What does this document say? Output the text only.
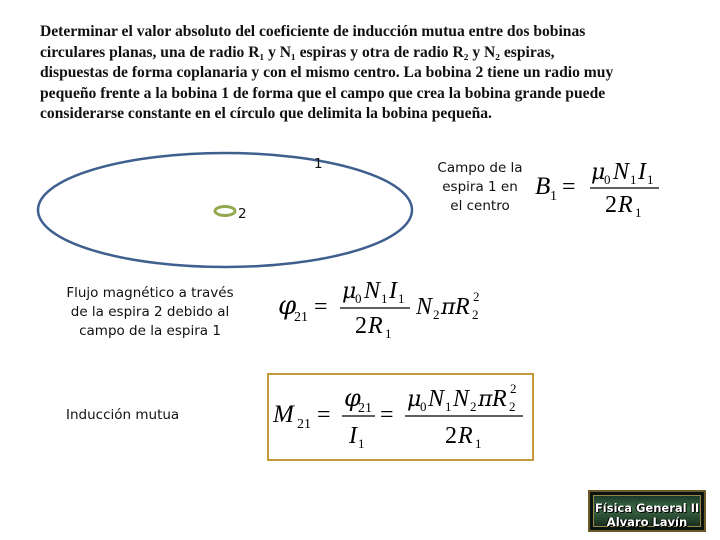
Determinar el valor absoluto del coeficiente de inducción mutua entre dos bobinas
circulares planas, una de radio R₁ y N₁ espiras y otra de radio R₂ y N₂ espiras,
dispuestas de forma coplanaria y con el mismo centro. La bobina 2 tiene un radio muy
pequeño frente a la bobina 1 de forma que el campo que crea la bobina grande puede
considerarse constante en el círculo que delimita la bobina pequeña.
1
2
Campo de la
espira 1 en
el centro
B 1 =
μ
0 N 1 I 1
2 R 1
Flujo magnético a través
de la espira 2 debido al
campo de la espira 1
φ
21 =
μ
0 N 1 I 1
2 R 1
N 2 π R 2
2
Inducción mutua	M 21 =
φ
21
I 1
=
μ
0 N 1 N 2 π R 2
2
2 R 1
Física General II
Alvaro Lavín
